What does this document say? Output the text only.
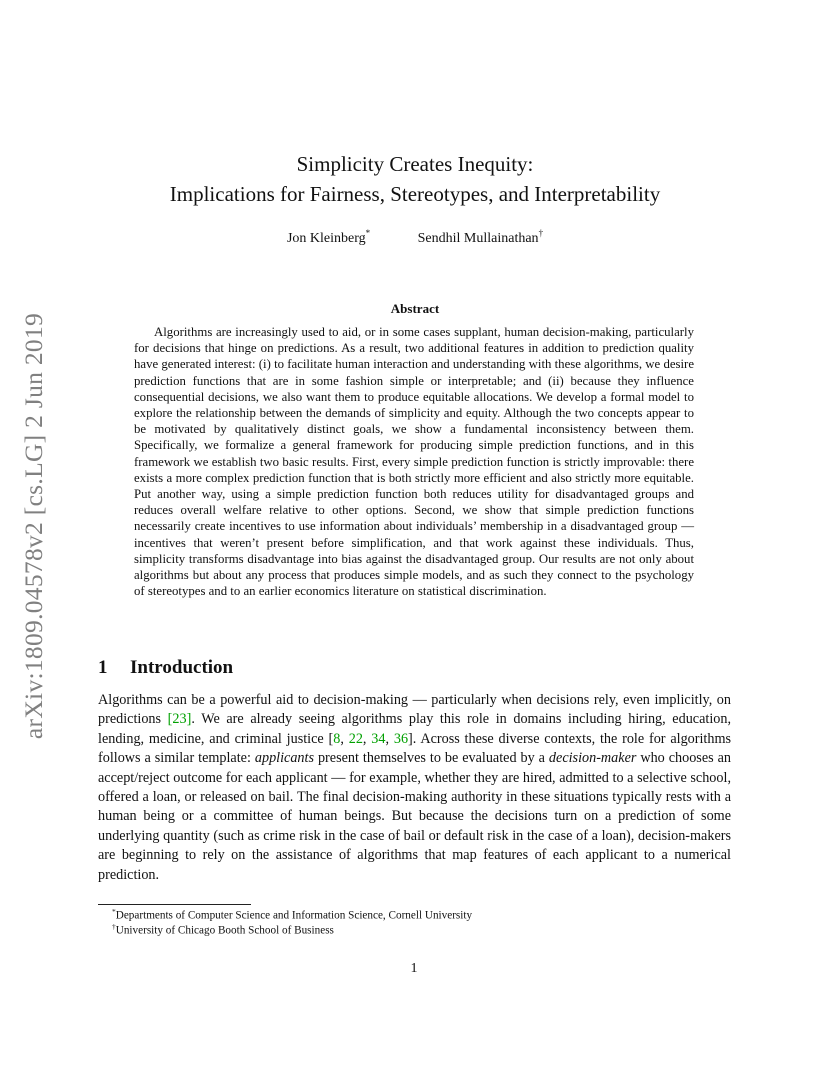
arXiv:1809.04578v2 [cs.LG] 2 Jun 2019
Simplicity Creates Inequity:
Implications for Fairness, Stereotypes, and Interpretability
Jon Kleinberg*	Sendhil Mullainathan†
Abstract

Algorithms are increasingly used to aid, or in some cases supplant, human decision-making, particularly for decisions that hinge on predictions. As a result, two additional features in addition to prediction quality have generated interest: (i) to facilitate human interaction and understanding with these algorithms, we desire prediction functions that are in some fashion simple or interpretable; and (ii) because they influence consequential decisions, we also want them to produce equitable allocations. We develop a formal model to explore the relationship between the demands of simplicity and equity. Although the two concepts appear to be motivated by qualitatively distinct goals, we show a fundamental inconsistency between them. Specifically, we formalize a general framework for producing simple prediction functions, and in this framework we establish two basic results. First, every simple prediction function is strictly improvable: there exists a more complex prediction function that is both strictly more efficient and also strictly more equitable. Put another way, using a simple prediction function both reduces utility for disadvantaged groups and reduces overall welfare relative to other options. Second, we show that simple prediction functions necessarily create incentives to use information about individuals’ membership in a disadvantaged group — incentives that weren’t present before simplification, and that work against these individuals. Thus, simplicity transforms disadvantage into bias against the disadvantaged group. Our results are not only about algorithms but about any process that produces simple models, and as such they connect to the psychology of stereotypes and to an earlier economics literature on statistical discrimination.

1 Introduction

Algorithms can be a powerful aid to decision-making — particularly when decisions rely, even implicitly, on predictions [23]. We are already seeing algorithms play this role in domains including hiring, education, lending, medicine, and criminal justice [8, 22, 34, 36]. Across these diverse contexts, the role for algorithms follows a similar template: applicants present themselves to be evaluated by a decision-maker who chooses an accept/reject outcome for each applicant — for example, whether they are hired, admitted to a selective school, offered a loan, or released on bail. The final decision-making authority in these situations typically rests with a human being or a committee of human beings. But because the decisions turn on a prediction of some underlying quantity (such as crime risk in the case of bail or default risk in the case of a loan), decision-makers are beginning to rely on the assistance of algorithms that map features of each applicant to a numerical prediction.

*Departments of Computer Science and Information Science, Cornell University
†University of Chicago Booth School of Business
1
